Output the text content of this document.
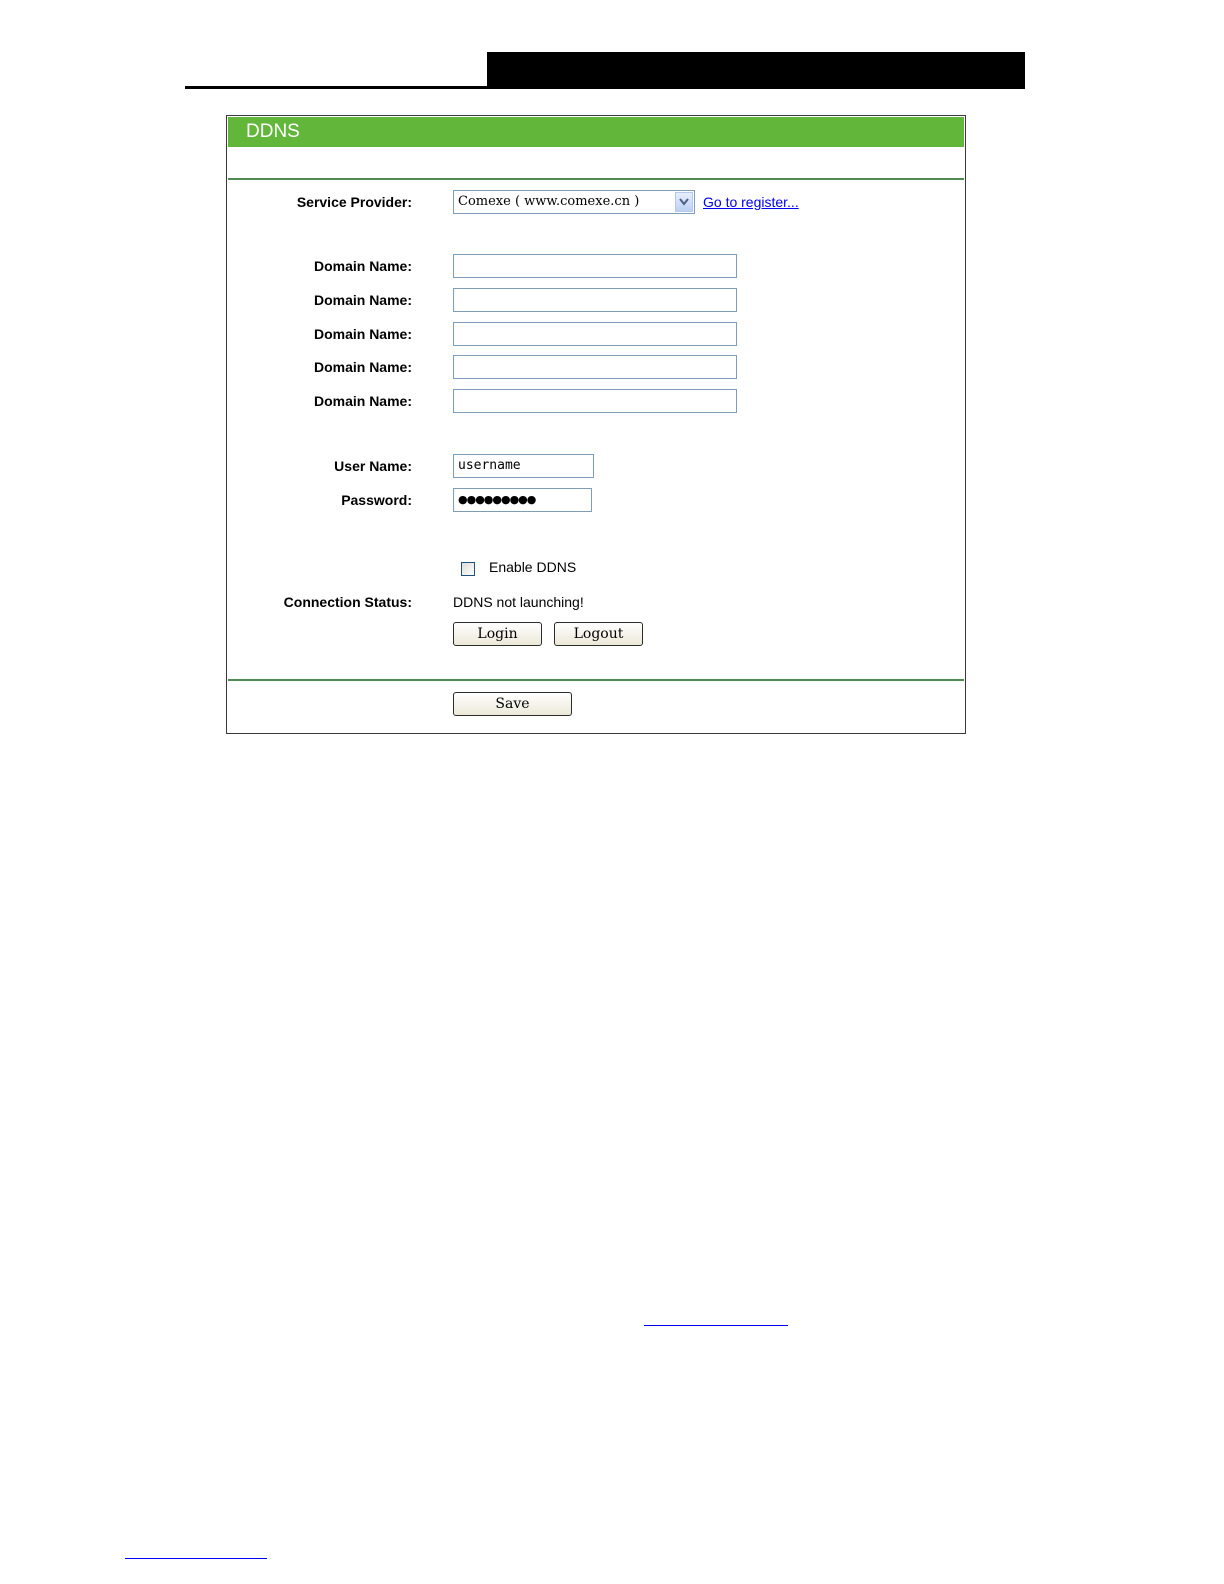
DDNS
Service Provider:	Comexe ( www.comexe.cn )	Go to register...
Domain Name:
Domain Name:
Domain Name:
Domain Name:
Domain Name:
User Name:	username
Password:	●●●●●●●●●
Enable DDNS
Connection Status:	DDNS not launching!
Login	Logout
Save
